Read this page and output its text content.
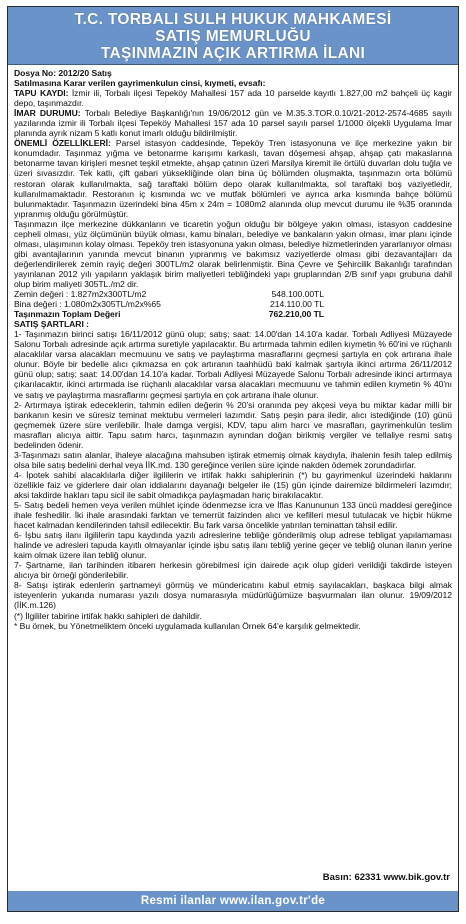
T.C. TORBALI SULH HUKUK MAHKAMESİ
SATIŞ MEMURLUĞU
TAŞINMAZIN AÇIK ARTIRMA İLANI

Dosya No: 2012/20 Satış

Satılmasına Karar verilen gayrimenkulun cinsi, kıymeti, evsafı:

TAPU KAYDI: İzmir ili, Torbalı ilçesi Tepeköy Mahallesi 157 ada 10 parselde kayıtlı 1.827,00 m2 bahçeli üç kagir depo, taşınmazdır.

İMAR DURUMU: Torbalı Belediye Başkanlığı'nın 19/06/2012 gün ve M.35.3.TOR.0.10/21-2012-2574-4685 sayılı yazılarında izmir ili Torbalı ilçesi Tepeköy Mahallesi 157 ada 10 parsel sayılı parsel 1/1000 ölçekli Uygulama İmar planında ayrık nizam 5 katlı konut imarlı olduğu bildirilmiştir.

ÖNEMLİ ÖZELLİKLERİ: Parsel istasyon caddesinde, Tepeköy Tren istasyonuna ve ilçe merkezine yakın bir konumdadır. Taşınmaz yığma ve betonarme karışımı karkaslı, tavan döşemesi ahşap, ahşap çatı makaslarına betonarme tavan kirişleri mesnet teşkil etmekte, ahşap çatının üzeri Marsilya kiremit ile örtülü duvarları dolu tuğla ve üzeri sıvasızdır. Tek katlı, çift gabari yüksekliğinde olan bina üç bölümden oluşmakta, taşınmazın orta bölümü restoran olarak kullanılmakta, sağ taraftaki bölüm depo olarak kullanılmakta, sol taraftaki boş vaziyetledir, kullanılmamaktadır. Restoranın iç kısmında wc ve mutfak bölümleri ve ayrıca arka kısmında bahçe bölümü bulunmaktadır. Taşınmazın üzerindeki bina 45m x 24m = 1080m2 alanında olup mevcut durumu ile %35 oranında yıpranmış olduğu görülmüştür.

Taşınmazın ilçe merkezine dükkanların ve ticaretin yoğun olduğu bir bölgeye yakın olması, istasyon caddesine cepheli olması, yüz ölçümünün büyük olması, kamu binaları, belediye ve bankaların yakın olması, imar planı içinde olması, ulaşımının kolay olması. Tepeköy tren istasyonuna yakın olması, belediye hizmetlerinden yararlanıyor olması gibi avantajlarının yanında mevcut binanın yıpranmış ve bakımsız vaziyetlerde olması gibi dezavantajları da değerlendirilerek zemin rayiç değeri 300TL/m2 olarak belirlenmiştir. Bina Çevre ve Şehircilik Bakanlığı tarafından yayınlanan 2012 yılı yapıların yaklaşık birim maliyetleri tebliğindeki yapı gruplarından 2/B sınıf yapı grubuna dahil olup birim maliyeti 305TL./m2 dir.

Zemin değeri : 1.827m2x300TL/m2	548.100.00TL
Bina değeri : 1.080m2x305TL/m2x%65	214.110.00 TL
Taşınmazın Toplam Değeri	762.210,00 TL

SATIŞ ŞARTLARI :

1- Taşınmazın birinci satışı 16/11/2012 günü olup; satış; saat: 14.00'dan 14.10'a kadar. Torbalı Adliyesi Müzayede Salonu Torbalı adresinde açık artırma suretiyle yapılacaktır. Bu artırmada tahmin edilen kıymetin % 60'ini ve rüçhanlı alacaklılar varsa alacakları mecmuunu ve satış ve paylaştırma masraflarını geçmesi şartıyla en çok artırana ihale olunur. Böyle bir bedelle alıcı çıkmazsa en çok artıranın taahhüdü baki kalmak şartıyla ikinci artırma 26/11/2012 günü olup; satış; saat: 14.00'dan 14.10'a kadar. Torbalı Adliyesi Müzayede Salonu Torbalı adresinde ikinci artırmaya çıkarılacaktır, ikinci artırmada ise rüçhanlı alacaklılar varsa alacakları mecmuunu ve tahmin edilen kıymetin % 40'nı ve satış ve paylaştırma masraflarını geçmesi şartıyla en çok artırana ihale olunur.

2- Artırmaya iştirak edeceklerin, tahmin edilen değerin % 20'si oranında pey akçesi veya bu miktar kadar milli bir bankanın kesin ve süresiz teminat mektubu vermeleri lazımdır. Satış peşin para iledir, alıcı istediğinde (10) günü geçmemek üzere süre verilebilir. İhale damga vergisi, KDV, tapu alım harcı ve masrafları, gayrimenkulün teslim masrafları alıcıya aittir. Tapu satım harcı, taşınmazın aynından doğan birikmiş vergiler ve tellaliye resmi satış bedelinden ödenir.

3-Taşınmazı satın alanlar, ihaleye alacağına mahsuben iştirak etmemiş olmak kaydıyla, ihalenin fesih talep edilmiş olsa bile satış bedelini derhal veya İİK.md. 130 gereğince verilen süre içinde nakden ödemek zorundadırlar.

4- İpotek sahibi alacaklılarla diğer ilgililerin ve irtifak hakkı sahiplerinin (*) bu gayrimenkul üzerindeki haklarını özellikle faiz ve giderlere dair olan iddialarını dayanağı belgeler ile (15) gün içinde dairemize bildirmeleri lazımdır; aksi takdirde hakları tapu sicil ile sabit olmadıkça paylaşmadan hariç bırakılacaktır.

5- Satış bedeli hemen veya verilen mühlet içinde ödenmezse icra ve İflas Kanununun 133 üncü maddesi gereğince ihale feshedilir. İki ihale arasındaki farktan ve temerrüt faizinden alıcı ve kefilleri mesul tutulacak ve hiçbir hükme hacet kalmadan kendilerinden tahsil edilecektir. Bu fark varsa öncelikle yatırılan teminattan tahsil edilir.

6- İşbu satış ilanı ilgililerin tapu kaydında yazılı adreslerine tebliğe gönderilmiş olup adrese tebligat yapılamaması halinde ve adresleri tapuda kayıtlı olmayanlar içinde işbu satış ilanı tebliğ yerine geçer ve tebliğ olunan ilanın yerine kaim olmak üzere ilan tebliğ olunur.

7- Şartname, ilan tarihinden itibaren herkesin görebilmesi için dairede açık olup gideri verildiği takdirde isteyen alıcıya bir örneği gönderilebilir.

8- Satışı iştirak edenlerin şartnameyi görmüş ve mündericatını kabul etmiş sayılacakları, başkaca bilgi almak isteyenlerin yukarıda numarası yazılı dosya numarasıyla müdürlüğümüze başvurmaları ilan olunur. 19/09/2012 (İİK.m.126)

(*) İlgililer tabirine irtifak hakkı sahipleri de dahildir.

* Bu örnek, bu Yönetmeliktem önceki uygulamada kullanılan Örnek 64'e karşılık gelmektedir.

Basın: 62331 www.bik.gov.tr
Resmi ilanlar www.ilan.gov.tr'de
